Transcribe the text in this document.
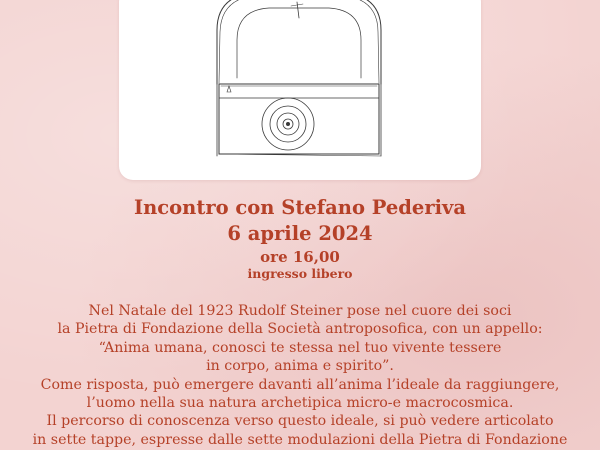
Incontro con Stefano Pederiva
6 aprile 2024
ore 16,00
ingresso libero
Nel Natale del 1923 Rudolf Steiner pose nel cuore dei soci
la Pietra di Fondazione della Società antroposofica, con un appello:
“Anima umana, conosci te stessa nel tuo vivente tessere
in corpo, anima e spirito”.
Come risposta, può emergere davanti all’anima l’ideale da raggiungere,
l’uomo nella sua natura archetipica micro-e macrocosmica.
Il percorso di conoscenza verso questo ideale, si può vedere articolato
in sette tappe, espresse dalle sette modulazioni della Pietra di Fondazione
